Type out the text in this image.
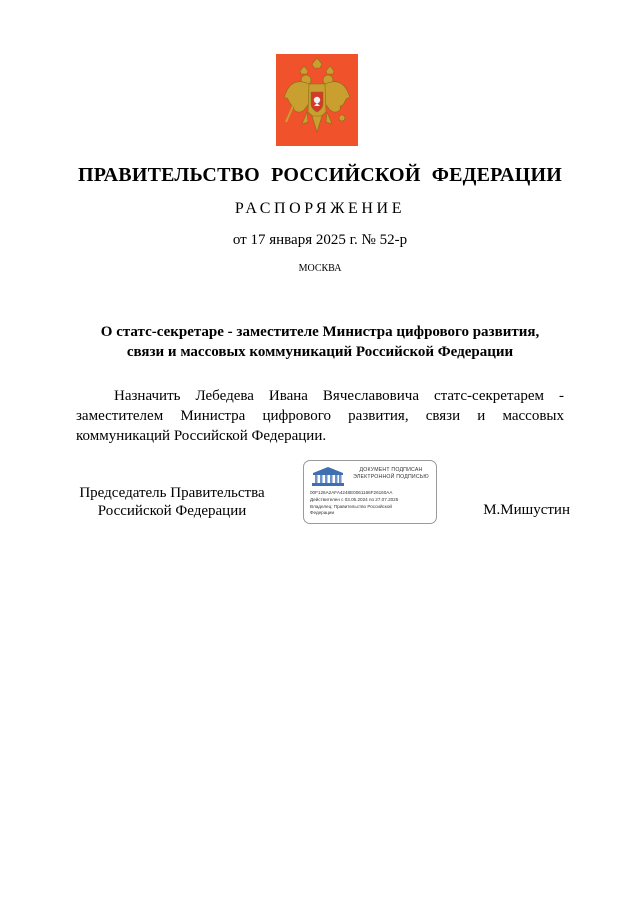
ПРАВИТЕЛЬСТВО РОССИЙСКОЙ ФЕДЕРАЦИИ
РАСПОРЯЖЕНИЕ
от 17 января 2025 г. № 52-р
МОСКВА
О статс-секретаре - заместителе Министра цифрового развития,
связи и массовых коммуникаций Российской Федерации
Назначить Лебедева Ивана Вячеславовича статс-секретарем - заместителем Министра цифрового развития, связи и массовых коммуникаций Российской Федерации.
Председатель Правительства
Российской Федерации
ДОКУМЕНТ ПОДПИСАН
ЭЛЕКТРОННОЙ ПОДПИСЬЮ
00F126A2AFA4248E0061166F26160AA
Действителен с 03.05.2024 по 27.07.2025
Владелец: Правительство Российской
Федерации	М.Мишустин
